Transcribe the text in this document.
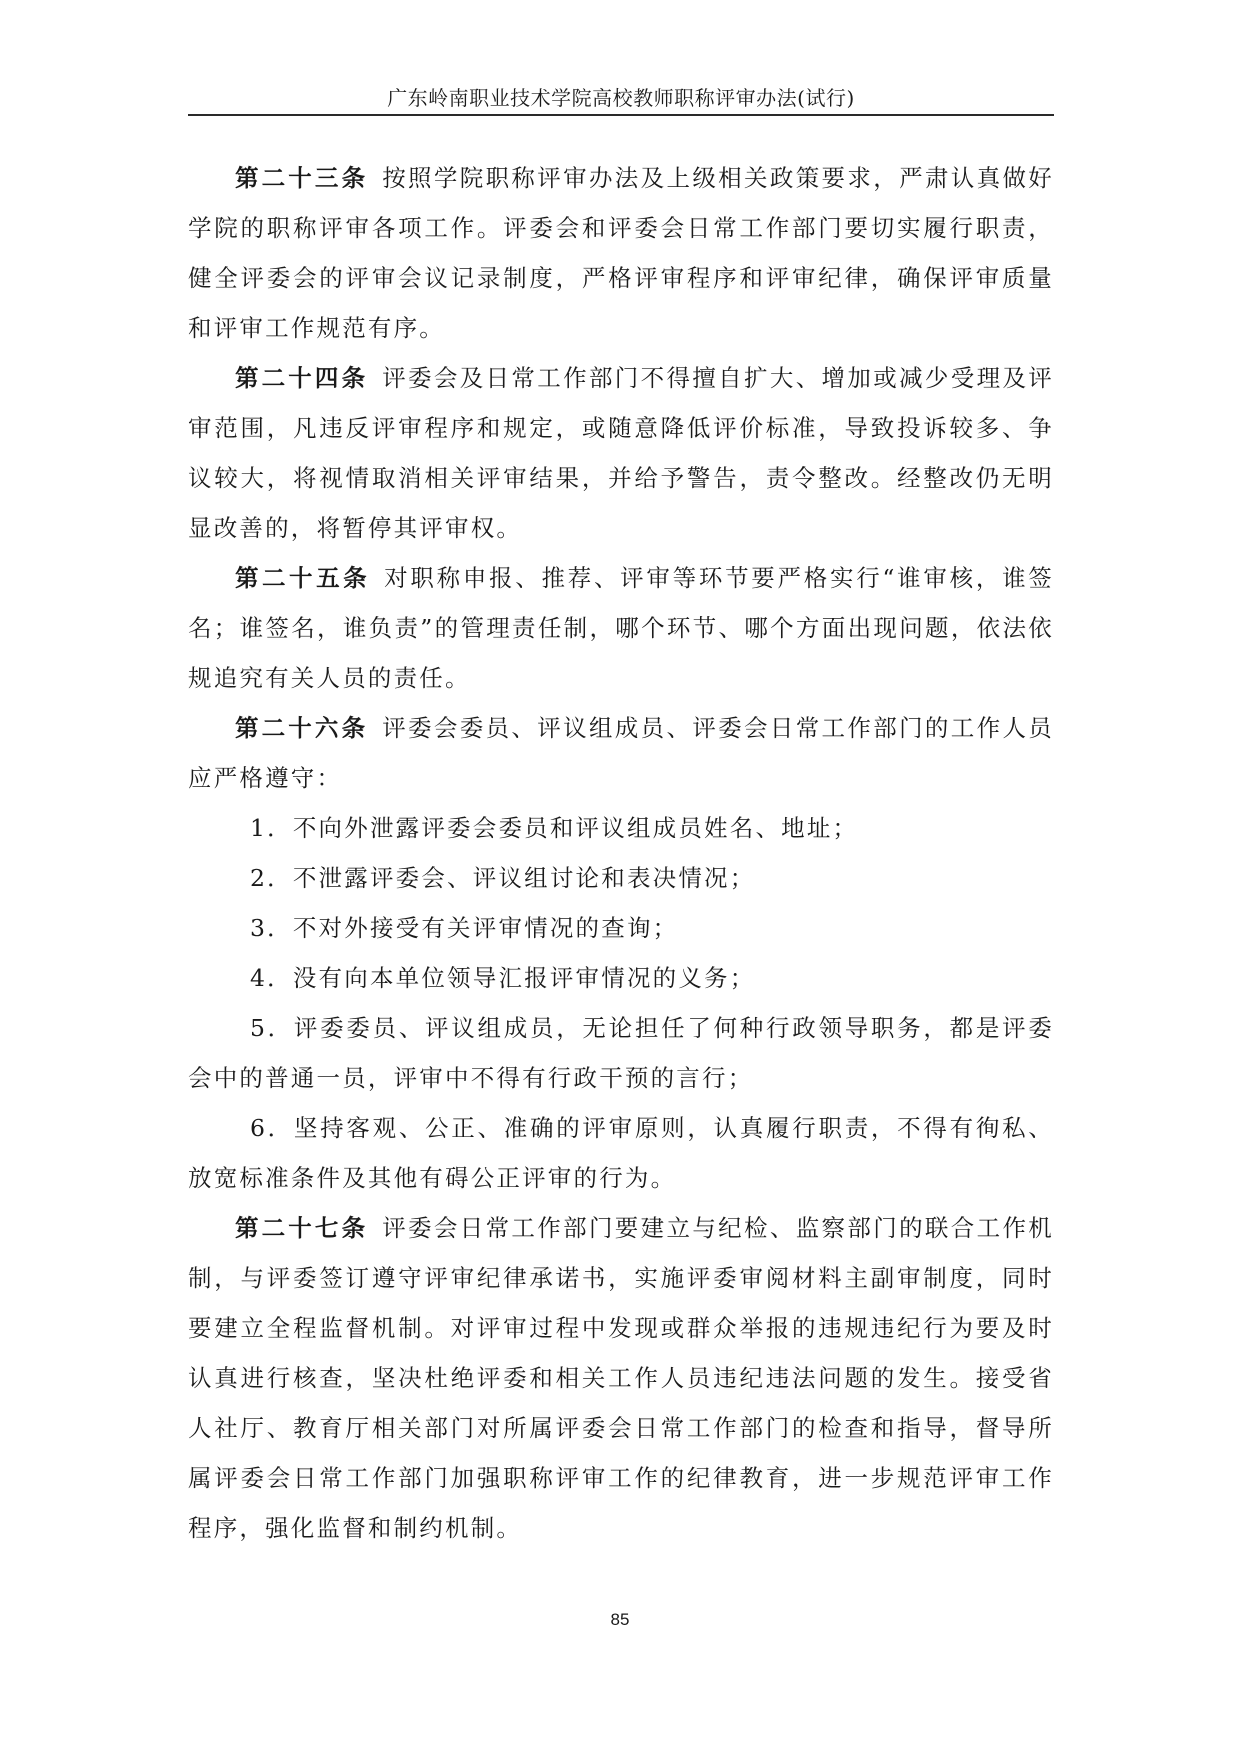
广东岭南职业技术学院高校教师职称评审办法(试行)

第二十三条 按照学院职称评审办法及上级相关政策要求，严肃认真做好学院的职称评审各项工作。评委会和评委会日常工作部门要切实履行职责，健全评委会的评审会议记录制度，严格评审程序和评审纪律，确保评审质量和评审工作规范有序。

第二十四条 评委会及日常工作部门不得擅自扩大、增加或减少受理及评审范围，凡违反评审程序和规定，或随意降低评价标准，导致投诉较多、争议较大，将视情取消相关评审结果，并给予警告，责令整改。经整改仍无明显改善的，将暂停其评审权。

第二十五条 对职称申报、推荐、评审等环节要严格实行“谁审核，谁签名；谁签名，谁负责”的管理责任制，哪个环节、哪个方面出现问题，依法依规追究有关人员的责任。

第二十六条 评委会委员、评议组成员、评委会日常工作部门的工作人员应严格遵守：

1．不向外泄露评委会委员和评议组成员姓名、地址；

2．不泄露评委会、评议组讨论和表决情况；

3．不对外接受有关评审情况的查询；

4．没有向本单位领导汇报评审情况的义务；

5．评委委员、评议组成员，无论担任了何种行政领导职务，都是评委会中的普通一员，评审中不得有行政干预的言行；

6．坚持客观、公正、准确的评审原则，认真履行职责，不得有徇私、放宽标准条件及其他有碍公正评审的行为。

第二十七条 评委会日常工作部门要建立与纪检、监察部门的联合工作机制，与评委签订遵守评审纪律承诺书，实施评委审阅材料主副审制度，同时要建立全程监督机制。对评审过程中发现或群众举报的违规违纪行为要及时认真进行核查，坚决杜绝评委和相关工作人员违纪违法问题的发生。接受省人社厅、教育厅相关部门对所属评委会日常工作部门的检查和指导，督导所属评委会日常工作部门加强职称评审工作的纪律教育，进一步规范评审工作程序，强化监督和制约机制。

85
